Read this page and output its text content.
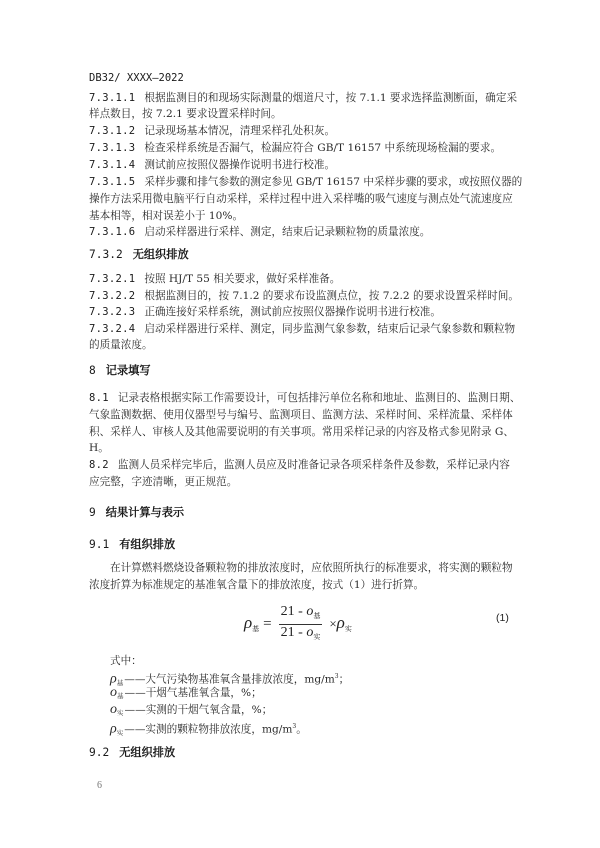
DB32/ XXXX—2022
7.3.1.1 根据监测目的和现场实际测量的烟道尺寸，按 7.1.1 要求选择监测断面，确定采
样点数目，按 7.2.1 要求设置采样时间。
7.3.1.2 记录现场基本情况，清理采样孔处积灰。
7.3.1.3 检查采样系统是否漏气，检漏应符合 GB/T 16157 中系统现场检漏的要求。
7.3.1.4 测试前应按照仪器操作说明书进行校准。
7.3.1.5 采样步骤和排气参数的测定参见 GB/T 16157 中采样步骤的要求，或按照仪器的
操作方法采用微电脑平行自动采样，采样过程中进入采样嘴的吸气速度与测点处气流速度应
基本相等，相对误差小于 10%。
7.3.1.6 启动采样器进行采样、测定，结束后记录颗粒物的质量浓度。
7.3.2 无组织排放
7.3.2.1 按照 HJ/T 55 相关要求，做好采样准备。
7.3.2.2 根据监测目的，按 7.1.2 的要求布设监测点位，按 7.2.2 的要求设置采样时间。
7.3.2.3 正确连接好采样系统，测试前应按照仪器操作说明书进行校准。
7.3.2.4 启动采样器进行采样、测定，同步监测气象参数，结束后记录气象参数和颗粒物
的质量浓度。
8 记录填写
8.1 记录表格根据实际工作需要设计，可包括排污单位名称和地址、监测目的、监测日期、
气象监测数据、使用仪器型号与编号、监测项目、监测方法、采样时间、采样流量、采样体
积、采样人、审核人及其他需要说明的有关事项。常用采样记录的内容及格式参见附录 G、
H。
8.2 监测人员采样完毕后，监测人员应及时准备记录各项采样条件及参数，采样记录内容
应完整，字迹清晰，更正规范。
9 结果计算与表示
9.1 有组织排放
在计算燃料燃烧设备颗粒物的排放浓度时，应依照所执行的标准要求，将实测的颗粒物
浓度折算为标准规定的基准氧含量下的排放浓度，按式（1）进行折算。
$\rho_基 = \frac{21 - o_基}{21 - o_实} \times\rho_实$
(1)
式中：
ρ基——大气污染物基准氧含量排放浓度，$mg/m^3$；
o基——干烟气基准氧含量，%；
o实——实测的干烟气氧含量，%；
ρ实——实测的颗粒物排放浓度，$mg/m^3$。
9.2 无组织排放
6
